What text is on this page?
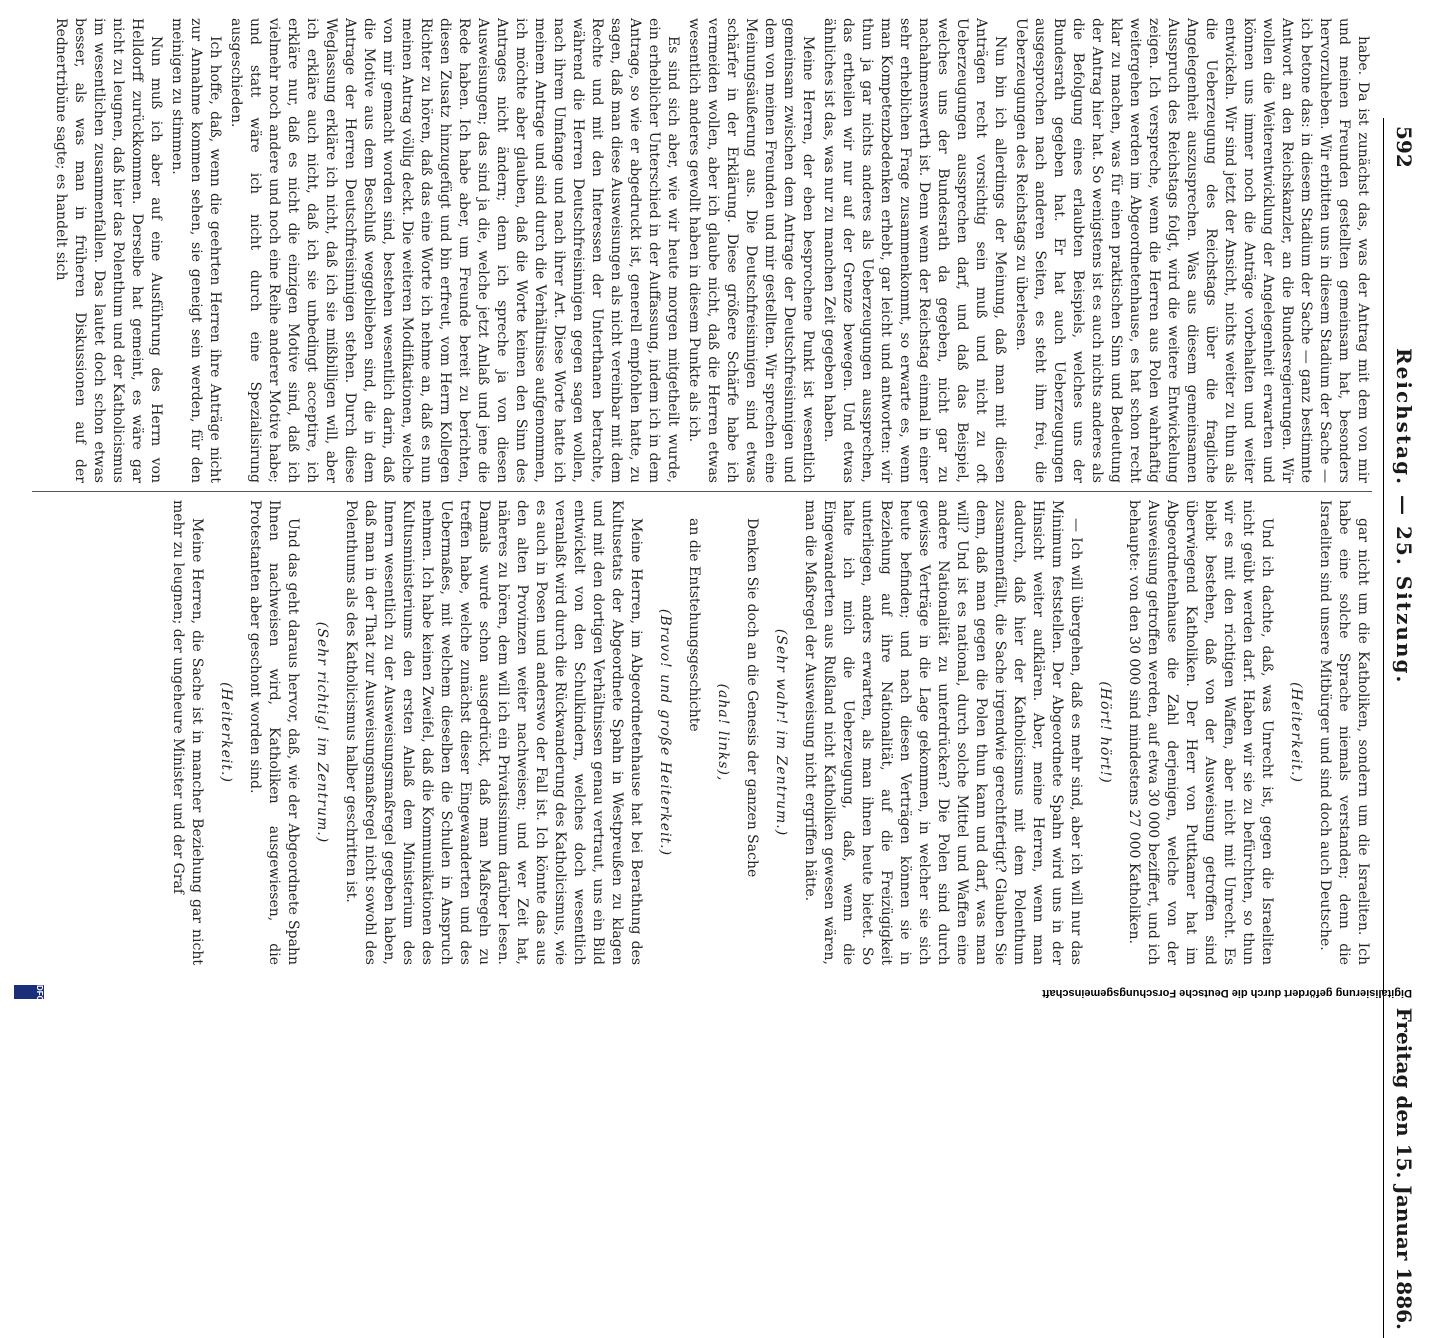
592
Reichstag. — 25. Sitzung.
Freitag den 15. Januar 1886.

habe. Da ist zunächst das, was der Antrag mit dem von mir und meinen Freunden gestellten gemeinsam hat, besonders hervorzuheben. Wir erbitten uns in diesem Stadium der Sache — ich betone das: in diesem Stadium der Sache — ganz bestimmte Antwort an den Reichskanzler, an die Bundesregierungen. Wir wollen die Weiterentwicklung der Angelegenheit erwarten und können uns immer noch die Anträge vorbehalten und weiter entwickeln. Wir sind jetzt der Ansicht, nichts weiter zu thun als die Ueberzeugung des Reichstags über die fragliche Angelegenheit auszusprechen. Was aus diesem gemeinsamen Ausspruch des Reichstags folgt, wird die weitere Entwickelung zeigen. Ich verspreche, wenn die Herren aus Polen wahrhaftig weitergehen werden im Abgeordnetenhause, es hat schon recht klar zu machen, was für einen praktischen Sinn und Bedeutung der Antrag hier hat. So wenigstens ist es auch nichts anderes als die Befolgung eines erlaubten Beispiels, welches uns der Bundesrath gegeben hat. Er hat auch Ueberzeugungen ausgesprochen nach anderen Seiten, es steht ihm frei, die Ueberzeugungen des Reichstags zu überlesen.

Nun bin ich allerdings der Meinung, daß man mit diesen Anträgen recht vorsichtig sein muß und nicht zu oft Ueberzeugungen aussprechen darf, und daß das Beispiel, welches uns der Bundesrath da gegeben, nicht gar zu nachahmenswerth ist. Denn wenn der Reichstag einmal in einer sehr erheblichen Frage zusammenkommt, so erwarte es, wenn man Kompetenzbedenken erhebt, gar leicht und antworten: wir thun ja gar nichts anderes als Ueberzeugungen aussprechen, das ertheilen wir nur auf der Grenze bewegen. Und etwas ähnliches ist das, was nur zu manchen Zeit gegeben haben.

Meine Herren, der eben besprochene Punkt ist wesentlich gemeinsam zwischen dem Antrage der Deutschfreisinnigen und dem von meinen Freunden und mir gestellten. Wir sprechen eine Meinungsäußerung aus. Die Deutschfreisinnigen sind etwas schärfer in der Erklärung. Diese größere Schärfe habe ich vermeiden wollen, aber ich glaube nicht, daß die Herren etwas wesentlich anderes gewollt haben in diesem Punkte als ich.

Es sind sich aber, wie wir heute morgen mitgetheilt wurde, ein erheblicher Unterschied in der Auffassung, indem ich in dem Antrage, so wie er abgedruckt ist, generell empfohlen hatte, zu sagen, daß man diese Ausweisungen als nicht vereinbar mit dem Rechte und mit den Interessen der Unterthanen betrachte, während die Herren Deutschfreisinnigen gegen sagen wollen, nach ihrem Umfange und nach ihrer Art. Diese Worte hatte ich meinem Antrage und sind durch die Verhältnisse aufgenommen, ich möchte aber glauben, daß die Worte keinen den Sinn des Antrages nicht ändern; denn ich spreche ja von diesen Ausweisungen; das sind ja die, welche jetzt Anlaß und jene die Rede haben. Ich habe aber, um Freunde bereit zu berichten, diesen Zusatz hinzugefügt und bin erfreut, vom Herrn Kollegen Richter zu hören, daß das eine Worte ich nehme an, daß es nun meinen Antrag völlig deckt. Die weiteren Modifikationen, welche von mir gemacht worden sind, bestehen wesentlich darin, daß die Motive aus dem Beschluß weggeblieben sind, die in dem Antrage der Herren Deutschfreisinnigen stehen. Durch diese Weglassung erkläre ich nicht, daß ich sie mißbilligen will, aber ich erkläre auch nicht, daß ich sie unbedingt acceptire, ich erkläre nur, daß es nicht die einzigen Motive sind, daß ich vielmehr noch andere und noch eine Reihe anderer Motive habe; und statt wäre ich nicht durch eine Spezialisirung ausgeschieden.

Ich hoffe, daß, wenn die geehrten Herren ihre Anträge nicht zur Annahme kommen sehen, sie geneigt sein werden, für den meinigen zu stimmen.

Nun muß ich aber auf eine Ausführung des Herrn von Helldorff zurückkommen. Derselbe hat gemeint, es wäre gar nicht zu leugnen, daß hier das Polenthum und der Katholicismus im wesentlichen zusammenfallen. Das lautet doch schon etwas besser, als was man in früheren Diskussionen auf der Rednertribüne sagte; es handelt sich

gar nicht um die Katholiken, sondern um die Israeliten. Ich habe eine solche Sprache niemals verstanden; denn die Israeliten sind unsere Mitbürger und sind doch auch Deutsche.

(Heiterkeit.)

Und ich dachte, daß, was Unrecht ist, gegen die Israeliten nicht geübt werden darf. Haben wir sie zu befürchten, so thun wir es mit den richtigen Waffen, aber nicht mit Unrecht. Es bleibt bestehen, daß von der Ausweisung getroffen sind überwiegend Katholiken. Der Herr von Puttkamer hat im Abgeordnetenhause die Zahl derjenigen, welche von der Ausweisung getroffen werden, auf etwa 30 000 beziffert, und ich behaupte: von den 30 000 sind mindestens 27 000 Katholiken.

(Hört! hört!)

— Ich will übergehen, daß es mehr sind, aber ich will nur das Minimum feststellen. Der Abgeordnete Spahn wird uns in der Hinsicht weiter aufklären. Aber, meine Herren, wenn man dadurch, daß hier der Katholicismus mit dem Polenthum zusammenfällt, die Sache irgendwie gerechtfertigt? Glauben Sie denn, daß man gegen die Polen thun kann und darf, was man will? Und ist es national, durch solche Mittel und Waffen eine andere Nationalität zu unterdrücken? Die Polen sind durch gewisse Verträge in die Lage gekommen, in welcher sie sich heute befinden; und nach diesen Verträgen können sie in Beziehung auf ihre Nationalität, auf die Freizügigkeit unterliegen, anders erwarten, als man ihnen heute bietet. So halte ich mich die Ueberzeugung, daß, wenn die Eingewanderten aus Rußland nicht Katholiken gewesen wären, man die Maßregel der Ausweisung nicht ergriffen hätte.

(Sehr wahr! im Zentrum.)

Denken Sie doch an die Genesis der ganzen Sache

(aha! links),

an die Entstehungsgeschichte

(Bravo! und große Heiterkeit.)

Meine Herren, im Abgeordnetenhause hat bei Berathung des Kultusetats der Abgeordnete Spahn in Westpreußen zu klagen und mit den dortigen Verhältnissen genau vertraut, uns ein Bild entwickelt von den Schulkindern, welches doch wesentlich veranlaßt wird durch die Rückwanderung des Katholicismus, wie es auch in Posen und anderswo der Fall ist. Ich könnte das aus den alten Provinzen weiter nachweisen; und wer Zeit hat, näheres zu hören, dem will ich ein Privatissimum darüber lesen. Damals wurde schon ausgedrückt, daß man Maßregeln zu treffen habe, welche zunächst dieser Eingewanderten und des Uebermaßes, mit welchem dieselben die Schulen in Anspruch nehmen. Ich habe keinen Zweifel, daß die Kommunikationen des Kultusministeriums den ersten Anlaß dem Ministerium des Innern wesentlich zu der Ausweisungsmaßregel gegeben haben, daß man in der That zur Ausweisungsmaßregel nicht sowohl des Polenthums als des Katholicismus halber geschritten ist.

(Sehr richtig! im Zentrum.)

Und das geht daraus hervor, daß, wie der Abgeordnete Spahn Ihnen nachweisen wird, Katholiken ausgewiesen, die Protestanten aber geschont worden sind.

(Heiterkeit.)

Meine Herren, die Sache ist in mancher Beziehung gar nicht mehr zu leugnen; der ungeheure Minister und der Graf

Digitalisierung gefördert durch die Deutsche Forschungsgemeinschaft
DFG
